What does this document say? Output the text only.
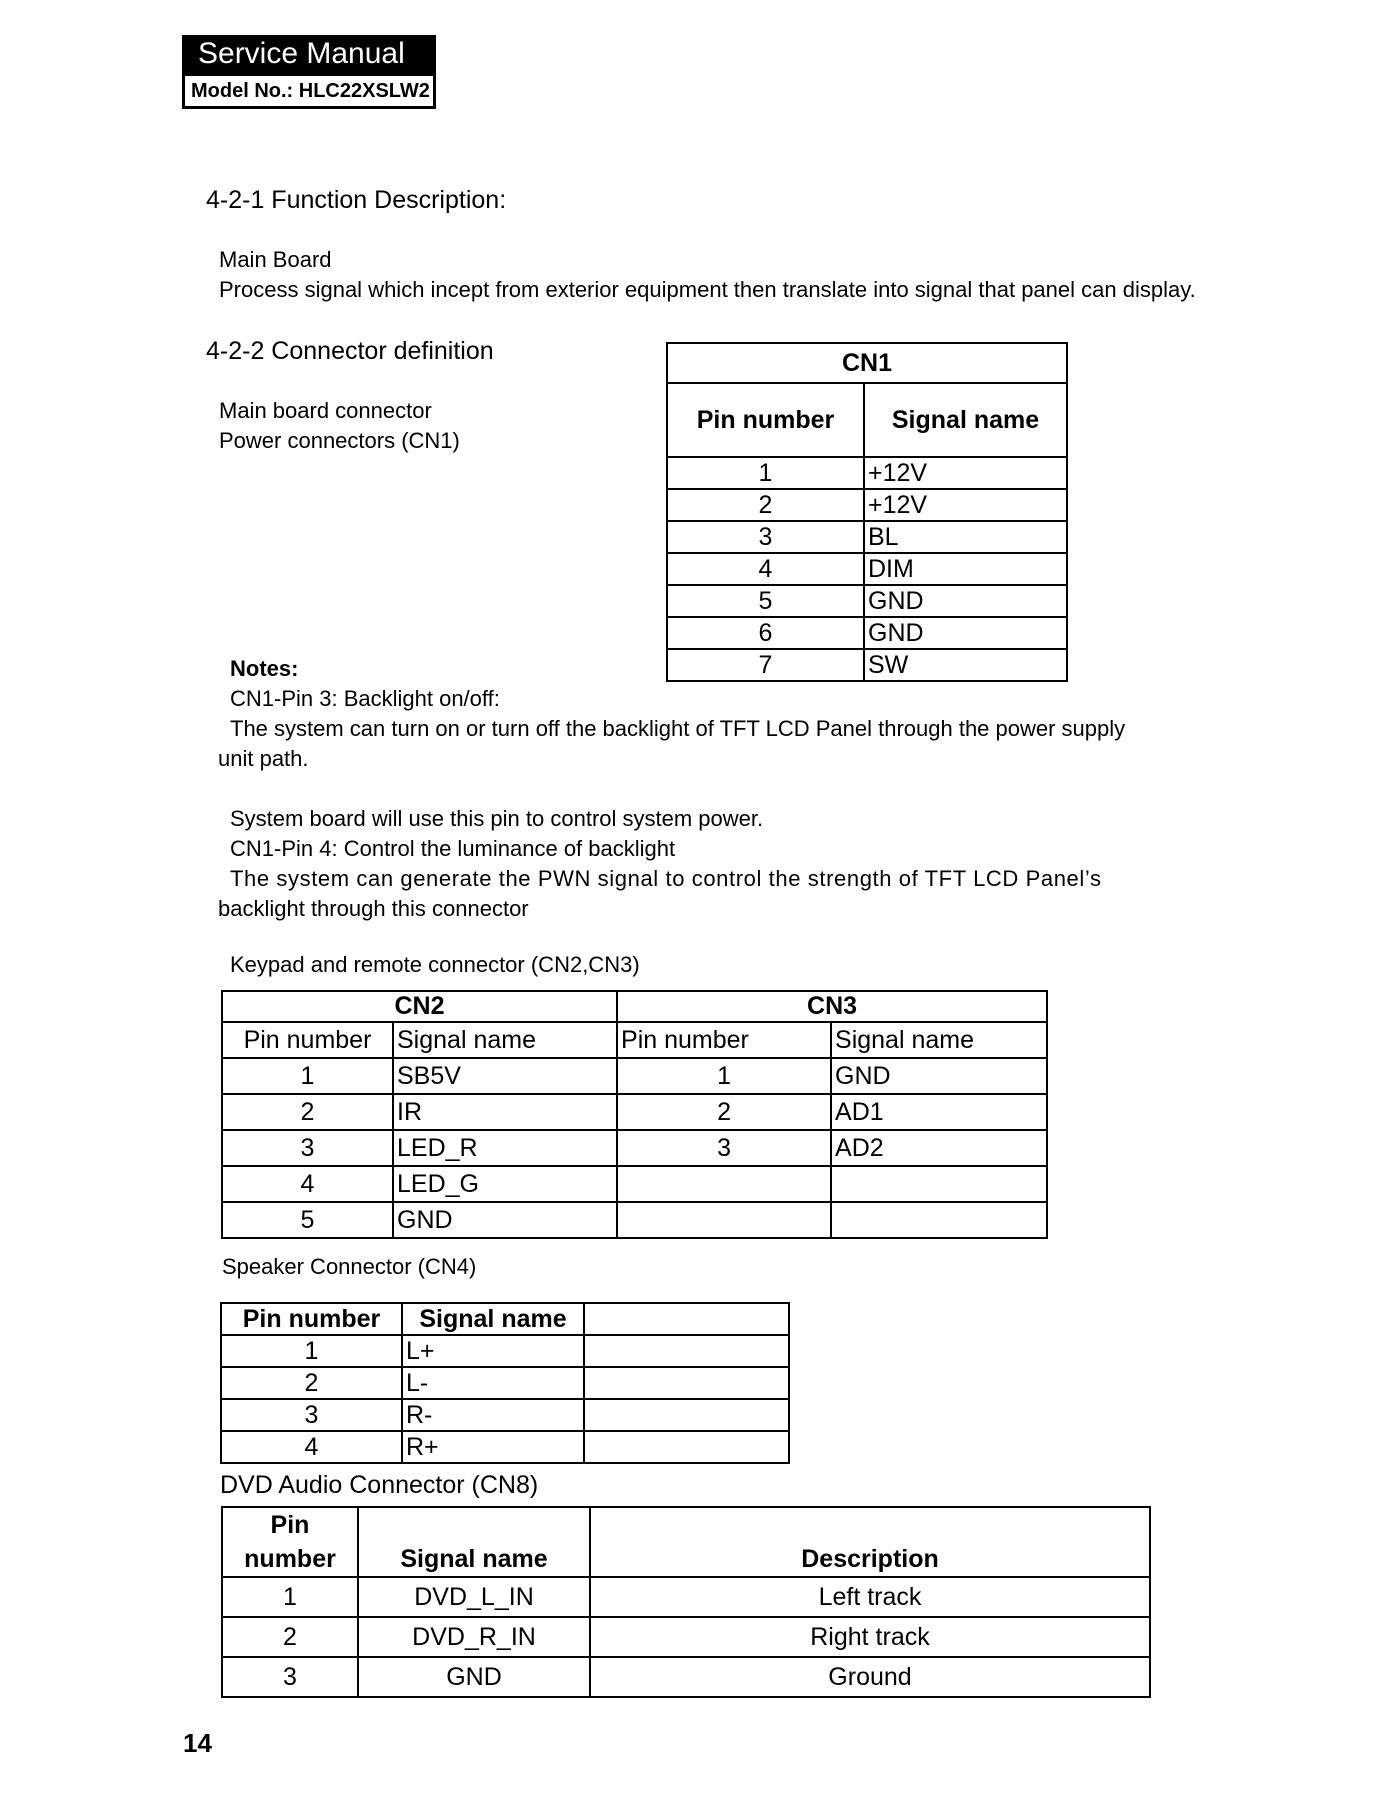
Service Manual
Model No.: HLC22XSLW2
4-2-1 Function Description:
Main Board
Process signal which incept from exterior equipment then translate into signal that panel can display.
4-2-2 Connector definition
Main board connector
Power connectors (CN1)
CN1	
Pin number	Signal name
1	+12V
2	+12V
3	BL
4	DIM
5	GND
6	GND
7	SW
Notes:
CN1-Pin 3: Backlight on/off:
The system can turn on or turn off the backlight of TFT LCD Panel through the power supply
unit path.
System board will use this pin to control system power.
CN1-Pin 4: Control the luminance of backlight
The system can generate the PWN signal to control the strength of TFT LCD Panel’s
backlight through this connector
Keypad and remote connector (CN2,CN3)
CN2		CN3	
Pin number	Signal name	Pin number	Signal name
1	SB5V	1	GND
2	IR	2	AD1
3	LED_R	3	AD2
4	LED_G		
5	GND		
Speaker Connector (CN4)
Pin number	Signal name	
1	L+	
2	L-	
3	R-	
4	R+	
DVD Audio Connector (CN8)
Pin
number	Signal name	Description
1	DVD_L_IN	Left track
2	DVD_R_IN	Right track
3	GND	Ground
14
